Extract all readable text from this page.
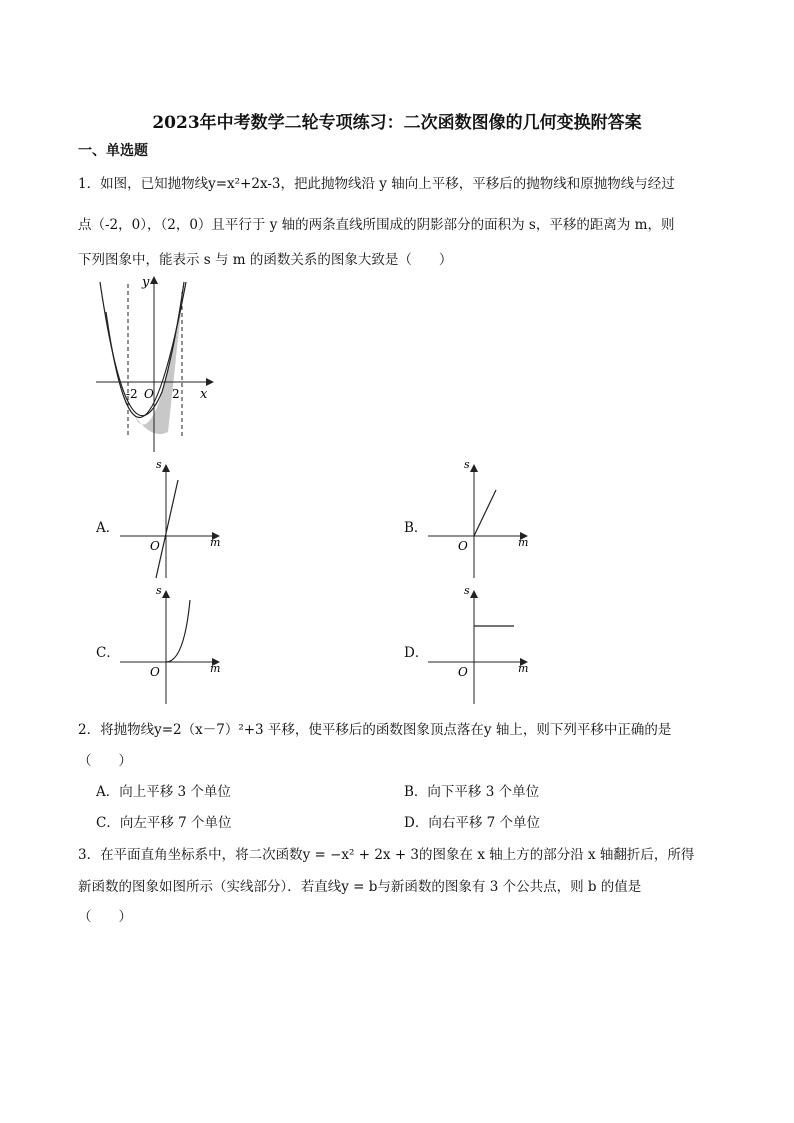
2023年中考数学二轮专项练习：二次函数图像的几何变换附答案
一、单选题
1．如图，已知抛物线y=x²+2x-3，把此抛物线沿 y 轴向上平移，平移后的抛物线和原抛物线与经过
点（-2，0），（2，0）且平行于 y 轴的两条直线所围成的阴影部分的面积为 s，平移的距离为 m，则
下列图象中，能表示 s 与 m 的函数关系的图象大致是（　　）
y
x
-2 O 2
A．
s
m
O
B．
s
m
O
C．
s
m
O
D．
s
m
O
2．将抛物线y=2（x－7）²+3 平移，使平移后的函数图象顶点落在y 轴上，则下列平移中正确的是
（　　）
A．向上平移 3 个单位	B．向下平移 3 个单位
C．向左平移 7 个单位	D．向右平移 7 个单位
3．在平面直角坐标系中，将二次函数y = −x² + 2x + 3的图象在 x 轴上方的部分沿 x 轴翻折后，所得
新函数的图象如图所示（实线部分）．若直线y = b与新函数的图象有 3 个公共点，则 b 的值是
（　　）
